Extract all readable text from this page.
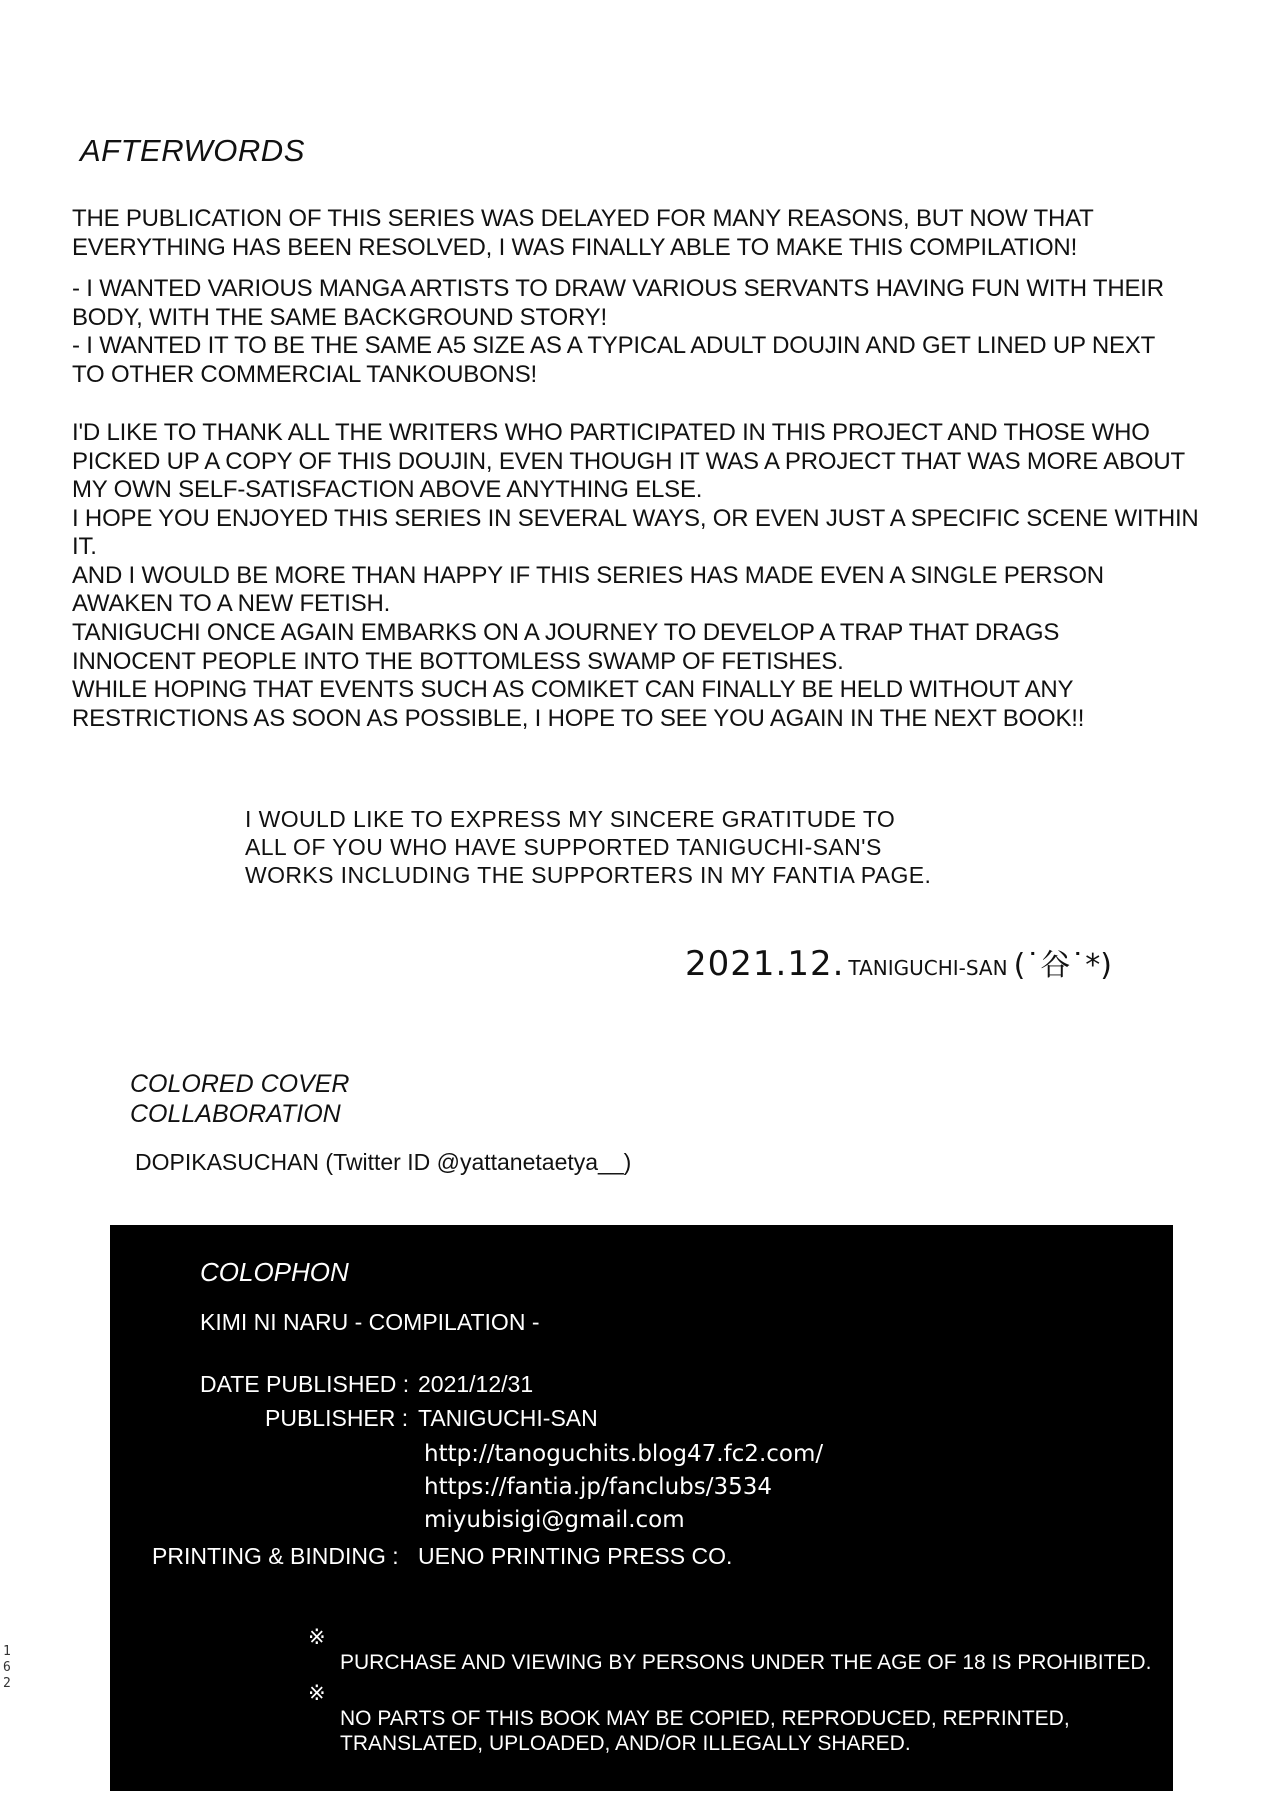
AFTERWORDS

THE PUBLICATION OF THIS SERIES WAS DELAYED FOR MANY REASONS, BUT NOW THAT
EVERYTHING HAS BEEN RESOLVED, I WAS FINALLY ABLE TO MAKE THIS COMPILATION!

- I WANTED VARIOUS MANGA ARTISTS TO DRAW VARIOUS SERVANTS HAVING FUN WITH THEIR
BODY, WITH THE SAME BACKGROUND STORY!
- I WANTED IT TO BE THE SAME A5 SIZE AS A TYPICAL ADULT DOUJIN AND GET LINED UP NEXT
TO OTHER COMMERCIAL TANKOUBONS!

I'D LIKE TO THANK ALL THE WRITERS WHO PARTICIPATED IN THIS PROJECT AND THOSE WHO
PICKED UP A COPY OF THIS DOUJIN, EVEN THOUGH IT WAS A PROJECT THAT WAS MORE ABOUT
MY OWN SELF-SATISFACTION ABOVE ANYTHING ELSE.
I HOPE YOU ENJOYED THIS SERIES IN SEVERAL WAYS, OR EVEN JUST A SPECIFIC SCENE WITHIN IT.
AND I WOULD BE MORE THAN HAPPY IF THIS SERIES HAS MADE EVEN A SINGLE PERSON
AWAKEN TO A NEW FETISH.

TANIGUCHI ONCE AGAIN EMBARKS ON A JOURNEY TO DEVELOP A TRAP THAT DRAGS
INNOCENT PEOPLE INTO THE BOTTOMLESS SWAMP OF FETISHES.
WHILE HOPING THAT EVENTS SUCH AS COMIKET CAN FINALLY BE HELD WITHOUT ANY
RESTRICTIONS AS SOON AS POSSIBLE, I HOPE TO SEE YOU AGAIN IN THE NEXT BOOK!!

I WOULD LIKE TO EXPRESS MY SINCERE GRATITUDE TO
ALL OF YOU WHO HAVE SUPPORTED TANIGUCHI-SAN'S
WORKS INCLUDING THE SUPPORTERS IN MY FANTIA PAGE.

2021.12. TANIGUCHI-SAN (˙谷˙*)

COLORED COVER
COLLABORATION

DOPIKASUCHAN (Twitter ID @yattanetaetya__)

COLOPHON

KIMI NI NARU - COMPILATION -

DATE PUBLISHED : 2021/12/31

PUBLISHER : TANIGUCHI-SAN

http://tanoguchits.blog47.fc2.com/
https://fantia.jp/fanclubs/3534
miyubisigi@gmail.com

PRINTING & BINDING : UENO PRINTING PRESS CO.

※
PURCHASE AND VIEWING BY PERSONS UNDER THE AGE OF 18 IS PROHIBITED.

※
NO PARTS OF THIS BOOK MAY BE COPIED, REPRODUCED, REPRINTED,
TRANSLATED, UPLOADED, AND/OR ILLEGALLY SHARED.

1
6
2
